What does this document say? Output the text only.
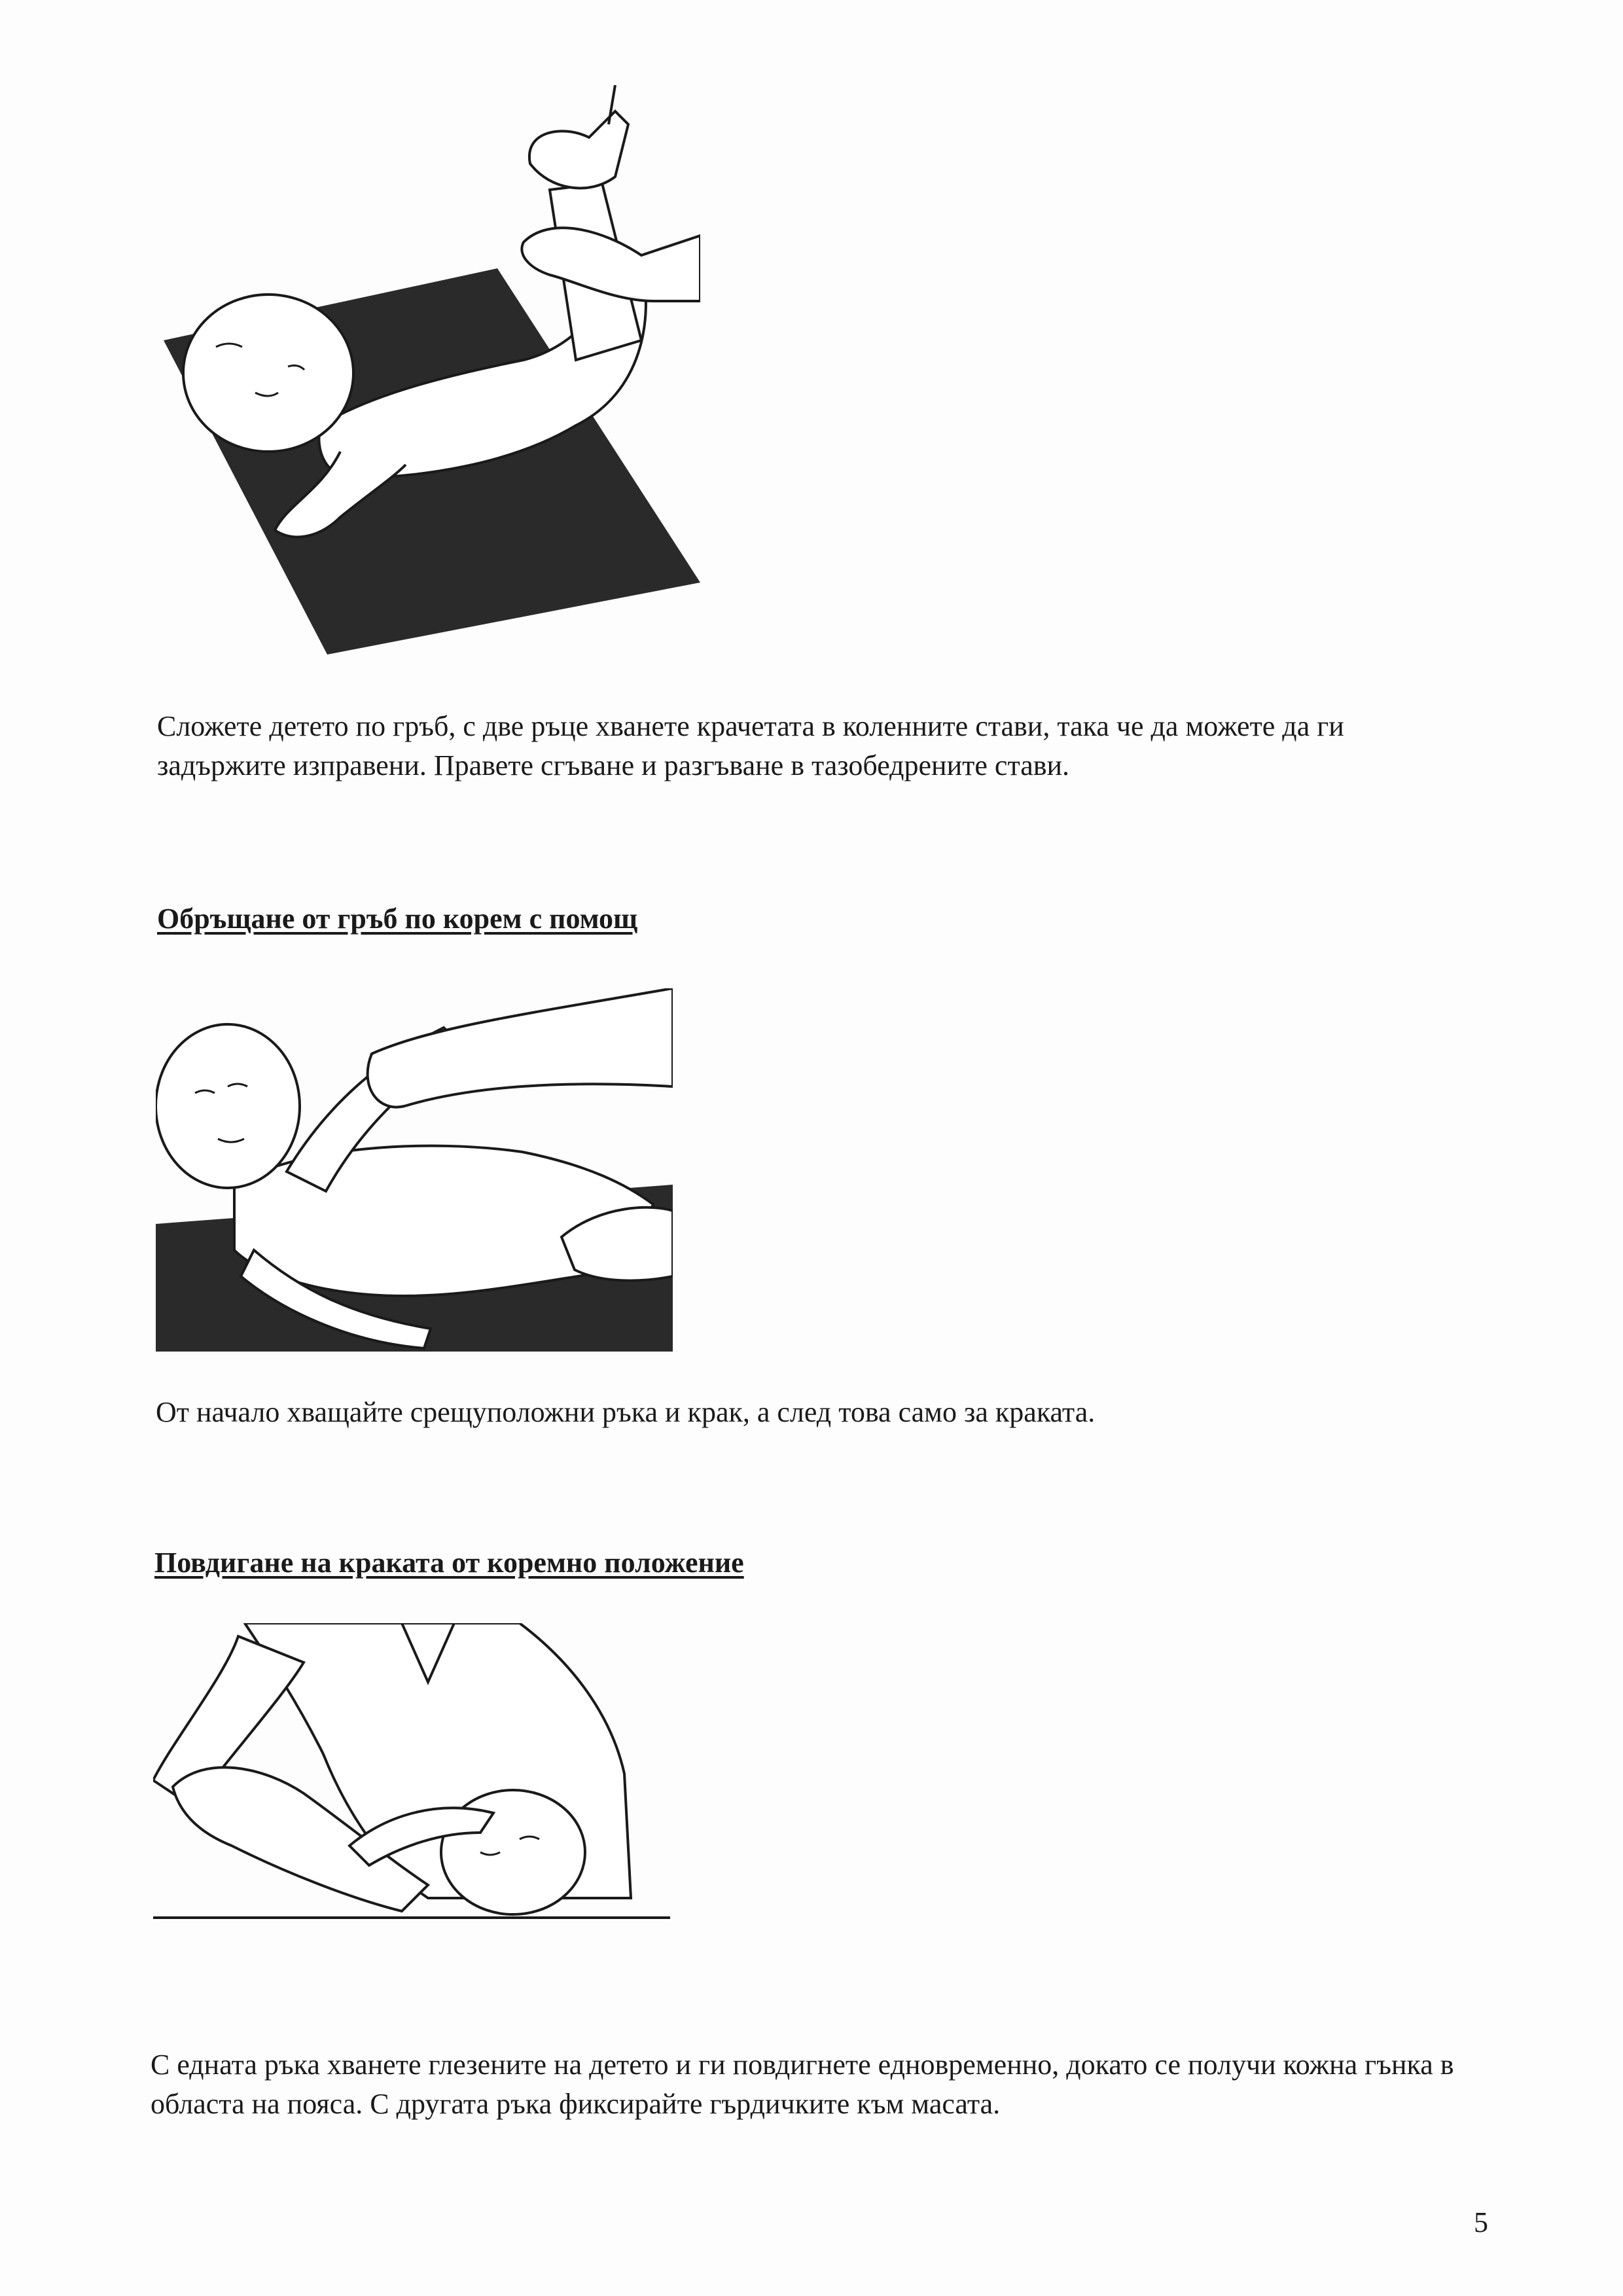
Сложете детето по гръб, с две ръце хванете крачетата в коленните стави, така че да можете да ги задържите изправени. Правете сгъване и разгъване в тазобедрените стави.

Обръщане от гръб по корем с помощ

От начало хващайте срещуположни ръка и крак, а след това само за краката.

Повдигане на краката от коремно положение

С едната ръка хванете глезените на детето и ги повдигнете едновременно, докато се получи кожна гънка в областа на пояса. С другата ръка фиксирайте гърдичките към масата.

5
